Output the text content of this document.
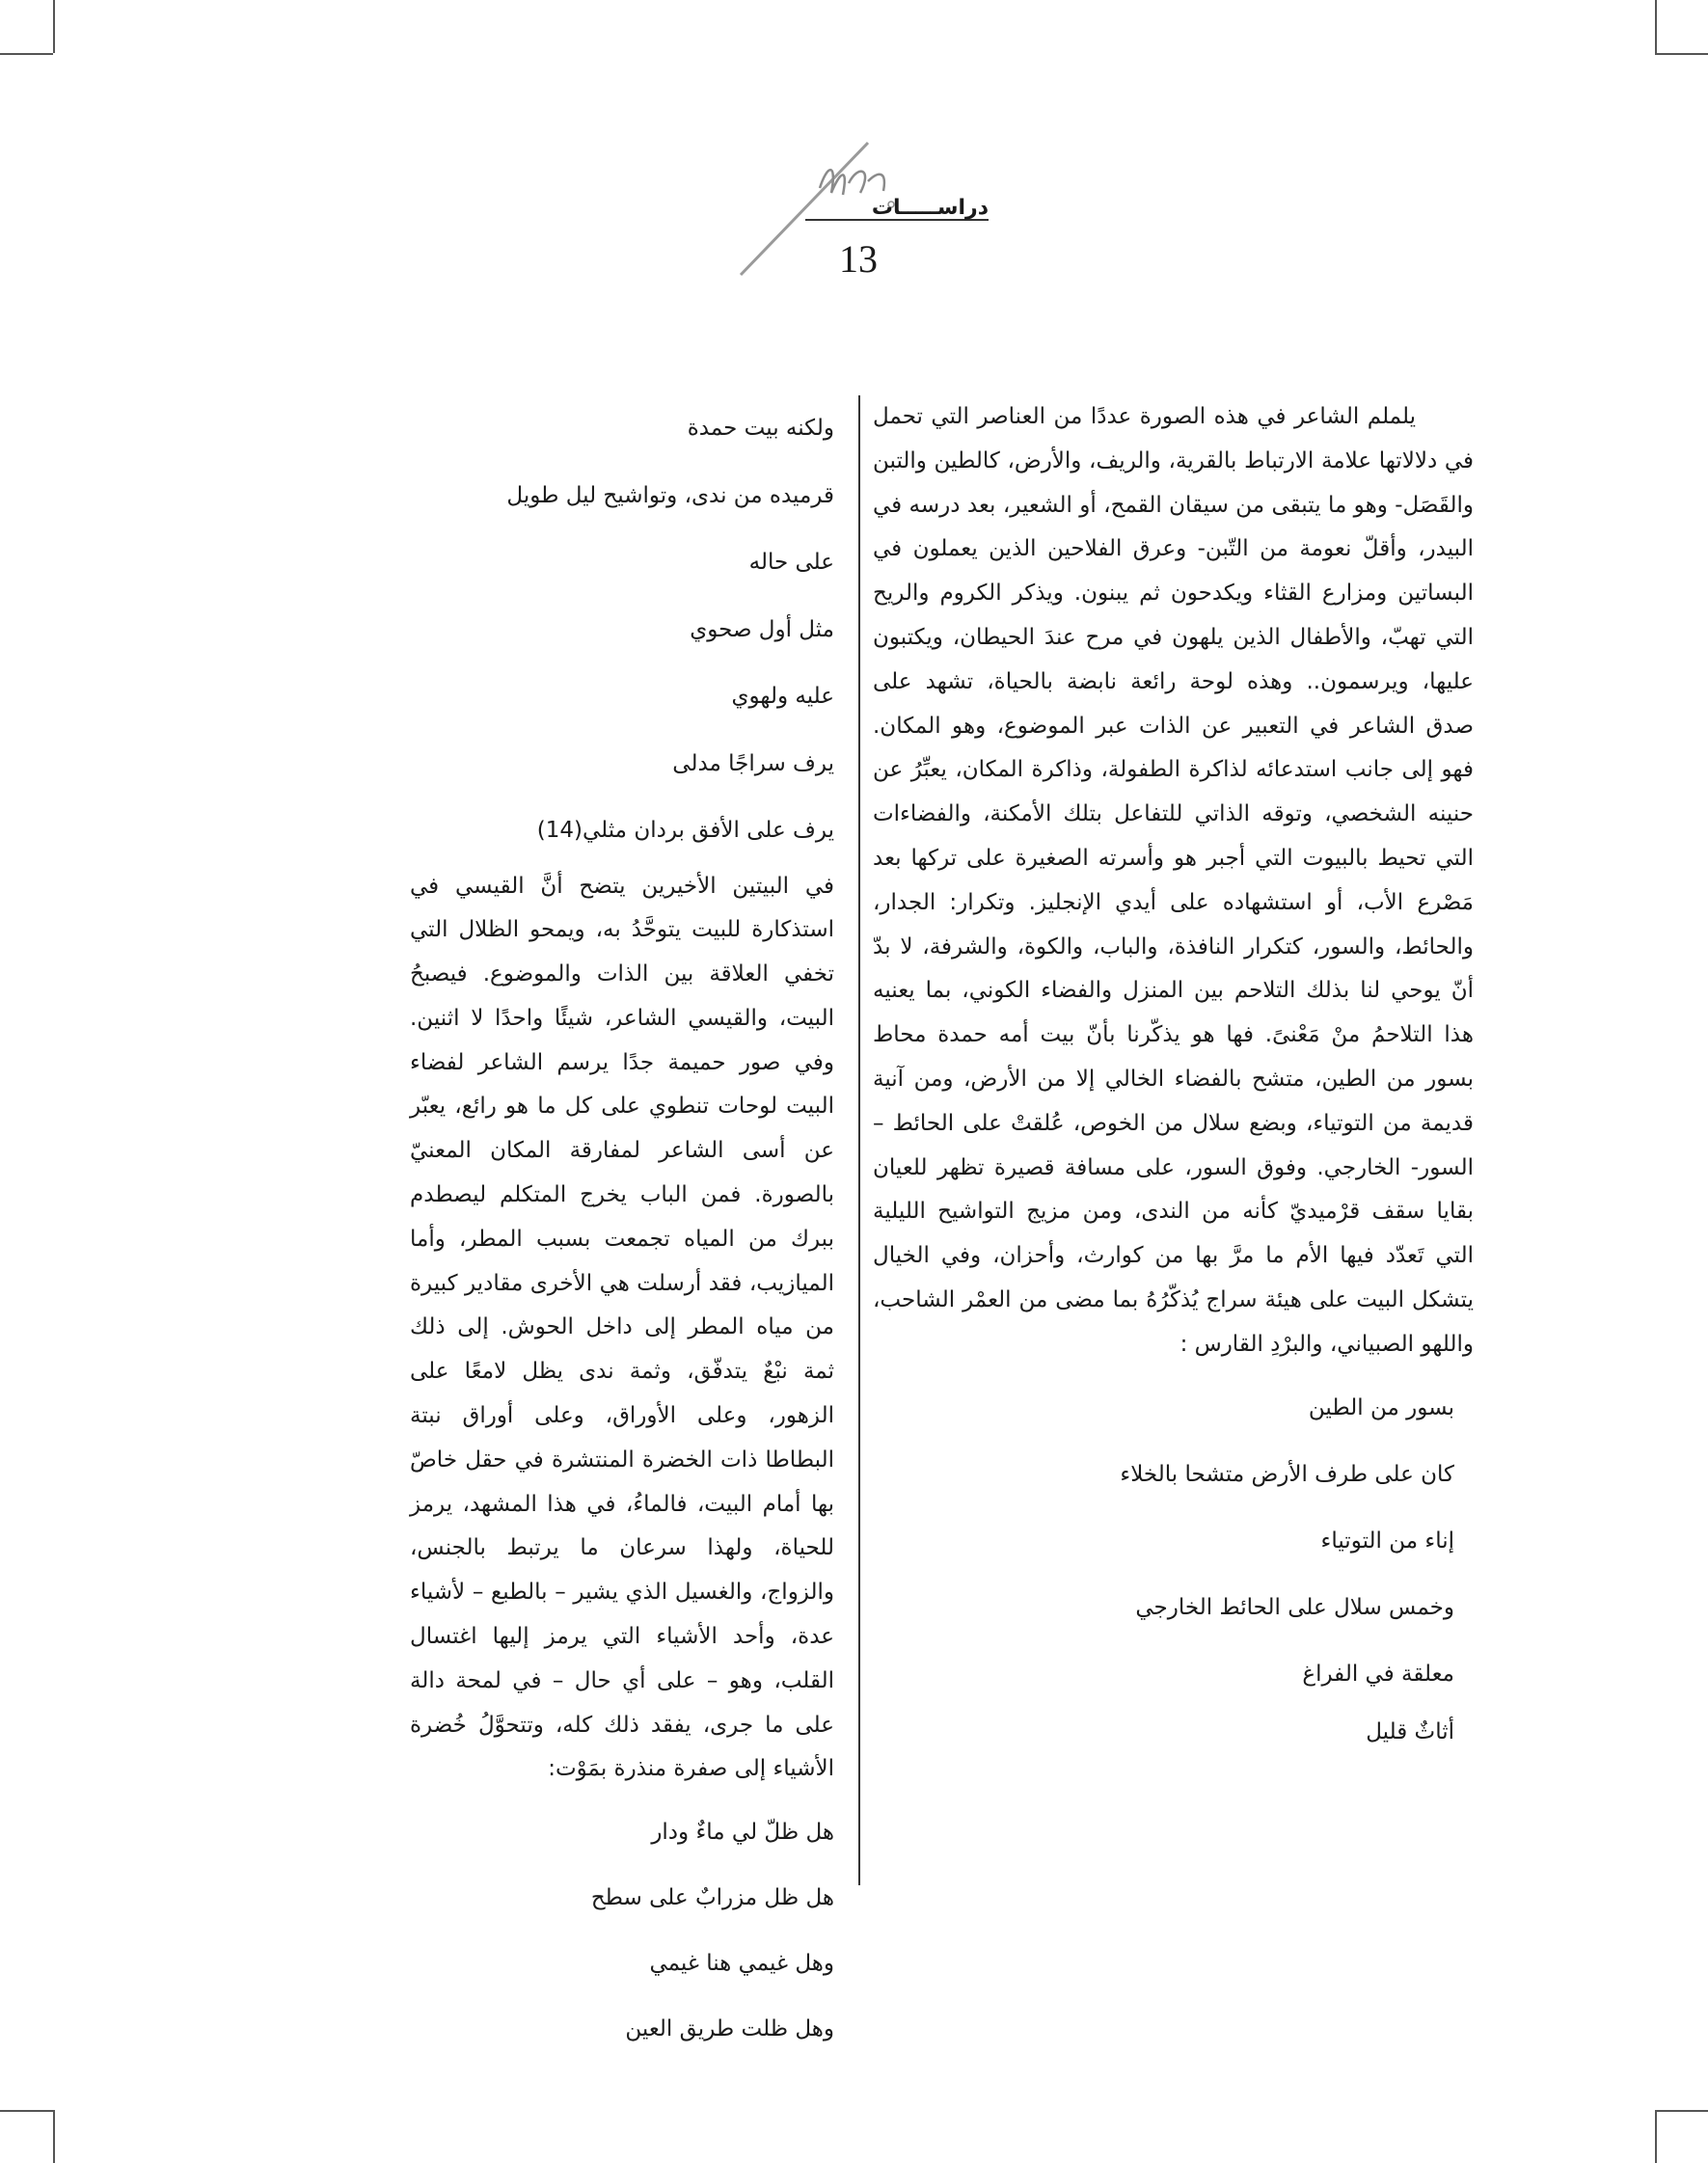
دراســـــات
13

يلملم الشاعر في هذه الصورة عددًا من العناصر التي تحمل في دلالاتها علامة الارتباط بالقرية، والريف، والأرض، كالطين والتبن والقَصَل- وهو ما يتبقى من سيقان القمح، أو الشعير، بعد درسه في البيدر، وأقلّ نعومة من التّبن- وعرق الفلاحين الذين يعملون في البساتين ومزارع القثاء ويكدحون ثم يبنون. ويذكر الكروم والريح التي تهبّ، والأطفال الذين يلهون في مرح عندَ الحيطان، ويكتبون عليها، ويرسمون.. وهذه لوحة رائعة نابضة بالحياة، تشهد على صدق الشاعر في التعبير عن الذات عبر الموضوع، وهو المكان. فهو إلى جانب استدعائه لذاكرة الطفولة، وذاكرة المكان، يعبِّرُ عن حنينه الشخصي، وتوقه الذاتي للتفاعل بتلك الأمكنة، والفضاءات التي تحيط بالبيوت التي أجبر هو وأسرته الصغيرة على تركها بعد مَصْرع الأب، أو استشهاده على أيدي الإنجليز. وتكرار: الجدار، والحائط، والسور، كتكرار النافذة، والباب، والكوة، والشرفة، لا بدّ أنّ يوحي لنا بذلك التلاحم بين المنزل والفضاء الكوني، بما يعنيه هذا التلاحمُ منْ مَعْنىً. فها هو يذكّرنا بأنّ بيت أمه حمدة محاط بسور من الطين، متشح بالفضاء الخالي إلا من الأرض، ومن آنية قديمة من التوتياء، وبضع سلال من الخوص، عُلقتْ على الحائط – السور- الخارجي. وفوق السور، على مسافة قصيرة تظهر للعيان بقايا سقف قرْميديّ كأنه من الندى، ومن مزيج التواشيح الليلية التي تَعدّد فيها الأم ما مرَّ بها من كوارث، وأحزان، وفي الخيال يتشكل البيت على هيئة سراج يُذكّرُهُ بما مضى من العمْر الشاحب، واللهو الصبياني، والبرْدِ القارس :

بسور من الطين
كان على طرف الأرض متشحا بالخلاء
إناء من التوتياء
وخمس سلال على الحائط الخارجي
معلقة في الفراغ
أثاثٌ قليل
ولكنه بيت حمدة
قرميده من ندى، وتواشيح ليل طويل
على حاله
مثل أول صحوي
عليه ولهوي
يرف سراجًا مدلى
يرف على الأفق بردان مثلي(14)

في البيتين الأخيرين يتضح أنَّ القيسي في استذكارة للبيت يتوحَّدُ به، ويمحو الظلال التي تخفي العلاقة بين الذات والموضوع. فيصبحُ البيت، والقيسي الشاعر، شيئًا واحدًا لا اثنين. وفي صور حميمة جدًا يرسم الشاعر لفضاء البيت لوحات تنطوي على كل ما هو رائع، يعبّر عن أسى الشاعر لمفارقة المكان المعنيّ بالصورة. فمن الباب يخرج المتكلم ليصطدم ببرك من المياه تجمعت بسبب المطر، وأما الميازيب، فقد أرسلت هي الأخرى مقادير كبيرة من مياه المطر إلى داخل الحوش. إلى ذلك ثمة نبْعٌ يتدفّق، وثمة ندى يظل لامعًا على الزهور، وعلى الأوراق، وعلى أوراق نبتة البطاطا ذات الخضرة المنتشرة في حقل خاصّ بها أمام البيت، فالماءُ، في هذا المشهد، يرمز للحياة، ولهذا سرعان ما يرتبط بالجنس، والزواج، والغسيل الذي يشير – بالطبع – لأشياء عدة، وأحد الأشياء التي يرمز إليها اغتسال القلب، وهو – على أي حال – في لمحة دالة على ما جرى، يفقد ذلك كله، وتتحوَّلُ خُضرة الأشياء إلى صفرة منذرة بمَوْت:

هل ظلّ لي ماءٌ ودار
هل ظل مزرابٌ على سطح
وهل غيمي هنا غيمي
وهل ظلت طريق العين
